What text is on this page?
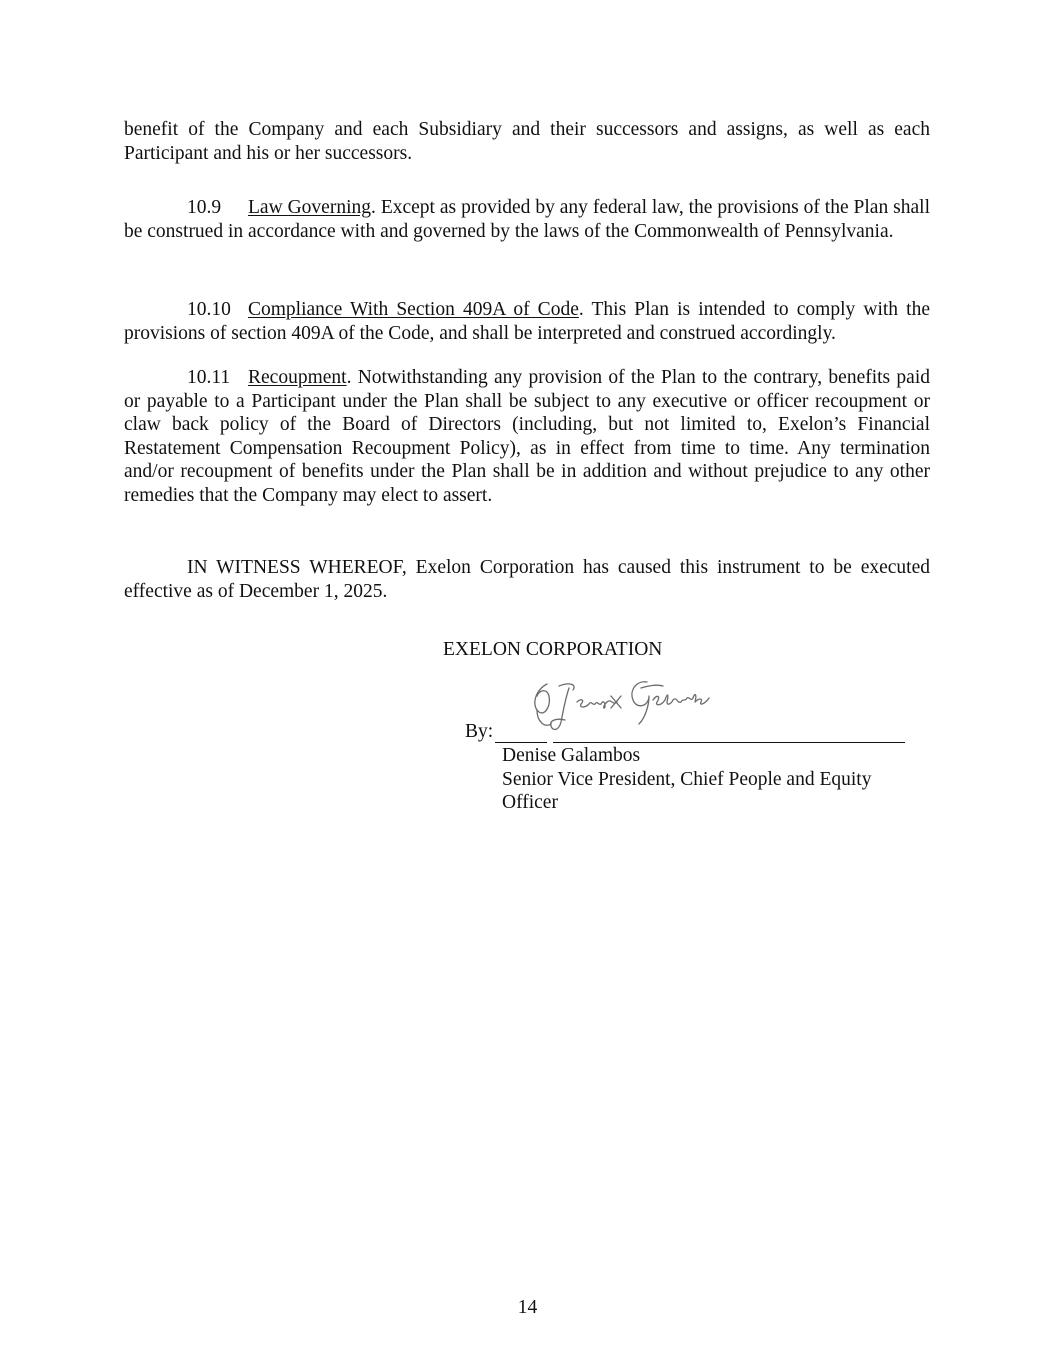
benefit of the Company and each Subsidiary and their successors and assigns, as well as each Participant and his or her successors.

10.9 Law Governing. Except as provided by any federal law, the provisions of the Plan shall be construed in accordance with and governed by the laws of the Commonwealth of Pennsylvania.

10.10 Compliance With Section 409A of Code. This Plan is intended to comply with the provisions of section 409A of the Code, and shall be interpreted and construed accordingly.

10.11 Recoupment. Notwithstanding any provision of the Plan to the contrary, benefits paid or payable to a Participant under the Plan shall be subject to any executive or officer recoupment or claw back policy of the Board of Directors (including, but not limited to, Exelon’s Financial Restatement Compensation Recoupment Policy), as in effect from time to time. Any termination and/or recoupment of benefits under the Plan shall be in addition and without prejudice to any other remedies that the Company may elect to assert.

IN WITNESS WHEREOF, Exelon Corporation has caused this instrument to be executed effective as of December 1, 2025.

EXELON CORPORATION
By:
Denise Galambos
Senior Vice President, Chief People and Equity
Officer
14
